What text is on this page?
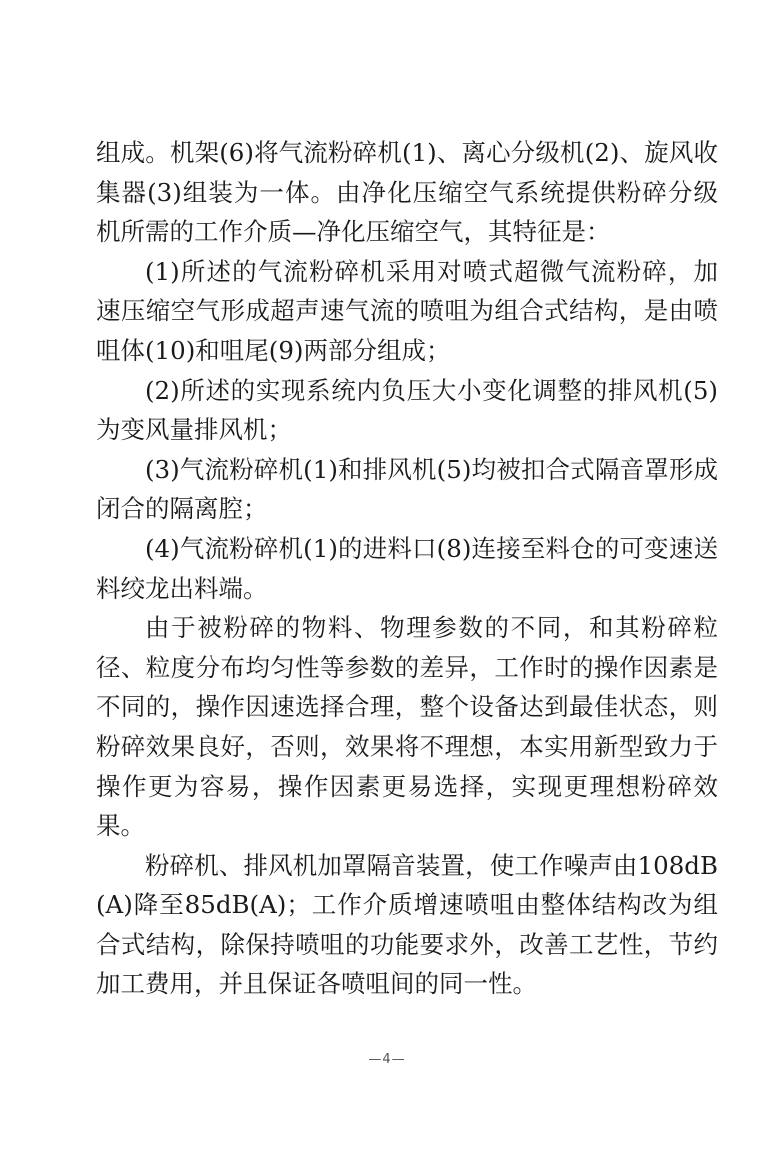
组成。机架(6)将气流粉碎机(1)、离心分级机(2)、旋风收集器(3)组装为一体。由净化压缩空气系统提供粉碎分级机所需的工作介质—净化压缩空气，其特征是：

(1)所述的气流粉碎机采用对喷式超微气流粉碎，加速压缩空气形成超声速气流的喷咀为组合式结构，是由喷咀体(10)和咀尾(9)两部分组成；

(2)所述的实现系统内负压大小变化调整的排风机(5)为变风量排风机；

(3)气流粉碎机(1)和排风机(5)均被扣合式隔音罩形成闭合的隔离腔；

(4)气流粉碎机(1)的进料口(8)连接至料仓的可变速送料绞龙出料端。

由于被粉碎的物料、物理参数的不同，和其粉碎粒径、粒度分布均匀性等参数的差异，工作时的操作因素是不同的，操作因速选择合理，整个设备达到最佳状态，则粉碎效果良好，否则，效果将不理想，本实用新型致力于操作更为容易，操作因素更易选择，实现更理想粉碎效果。

粉碎机、排风机加罩隔音装置，使工作噪声由108dB(A)降至85dB(A)；工作介质增速喷咀由整体结构改为组合式结构，除保持喷咀的功能要求外，改善工艺性，节约加工费用，并且保证各喷咀间的同一性。

—4—
